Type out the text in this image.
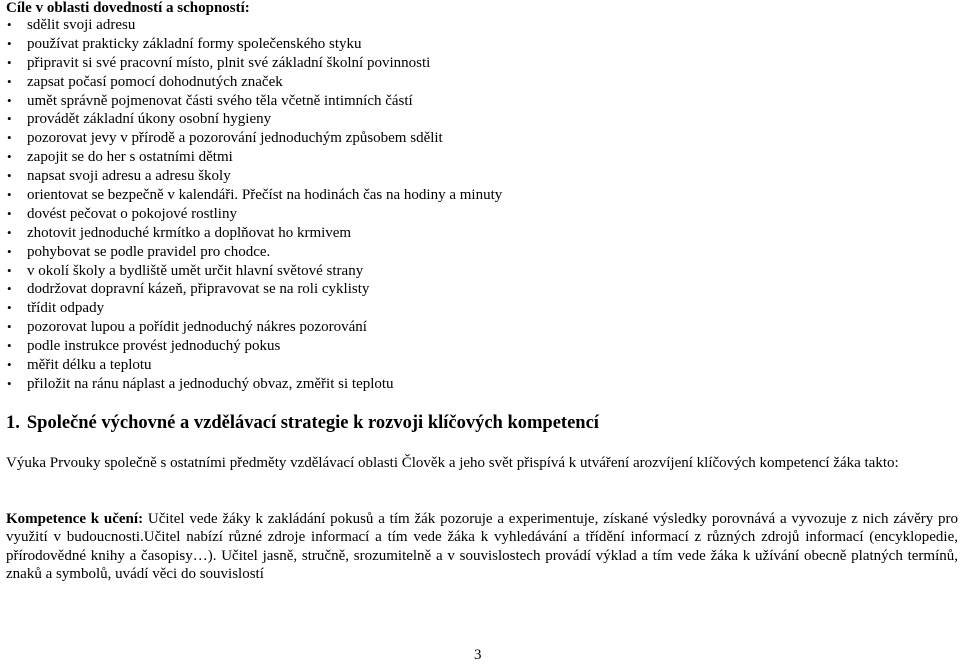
Cíle v oblasti dovedností a schopností:
• sdělit svoji adresu
• používat prakticky základní formy společenského styku
• připravit si své pracovní místo, plnit své základní školní povinnosti
• zapsat počasí pomocí dohodnutých značek
• umět správně pojmenovat části svého těla včetně intimních částí
• provádět základní úkony osobní hygieny
• pozorovat jevy v přírodě a pozorování jednoduchým způsobem sdělit
• zapojit se do her s ostatními dětmi
• napsat svoji adresu a adresu školy
• orientovat se bezpečně v kalendáři. Přečíst na hodinách čas na hodiny a minuty
• dovést pečovat o pokojové rostliny
• zhotovit jednoduché krmítko a doplňovat ho krmivem
• pohybovat se podle pravidel pro chodce.
• v okolí školy a bydliště umět určit hlavní světové strany
• dodržovat dopravní kázeň, připravovat se na roli cyklisty
• třídit odpady
• pozorovat lupou a pořídit jednoduchý nákres pozorování
• podle instrukce provést jednoduchý pokus
• měřit délku a teplotu
• přiložit na ránu náplast a jednoduchý obvaz, změřit si teplotu
1. Společné výchovné a vzdělávací strategie k rozvoji klíčových kompetencí

Výuka Prvouky společně s ostatními předměty vzdělávací oblasti Člověk a jeho svět přispívá k utváření arozvíjení klíčových kompetencí žáka takto:

Kompetence k učení: Učitel vede žáky k zakládání pokusů a tím žák pozoruje a experimentuje, získané výsledky porovnává a vyvozuje z nich závěry pro využití v budoucnosti.Učitel nabízí různé zdroje informací a tím vede žáka k vyhledávání a třídění informací z různých zdrojů informací (encyklopedie, přírodovědné knihy a časopisy…). Učitel jasně, stručně, srozumitelně a v souvislostech provádí výklad a tím vede žáka k užívání obecně platných termínů, znaků a symbolů, uvádí věci do souvislostí

3
